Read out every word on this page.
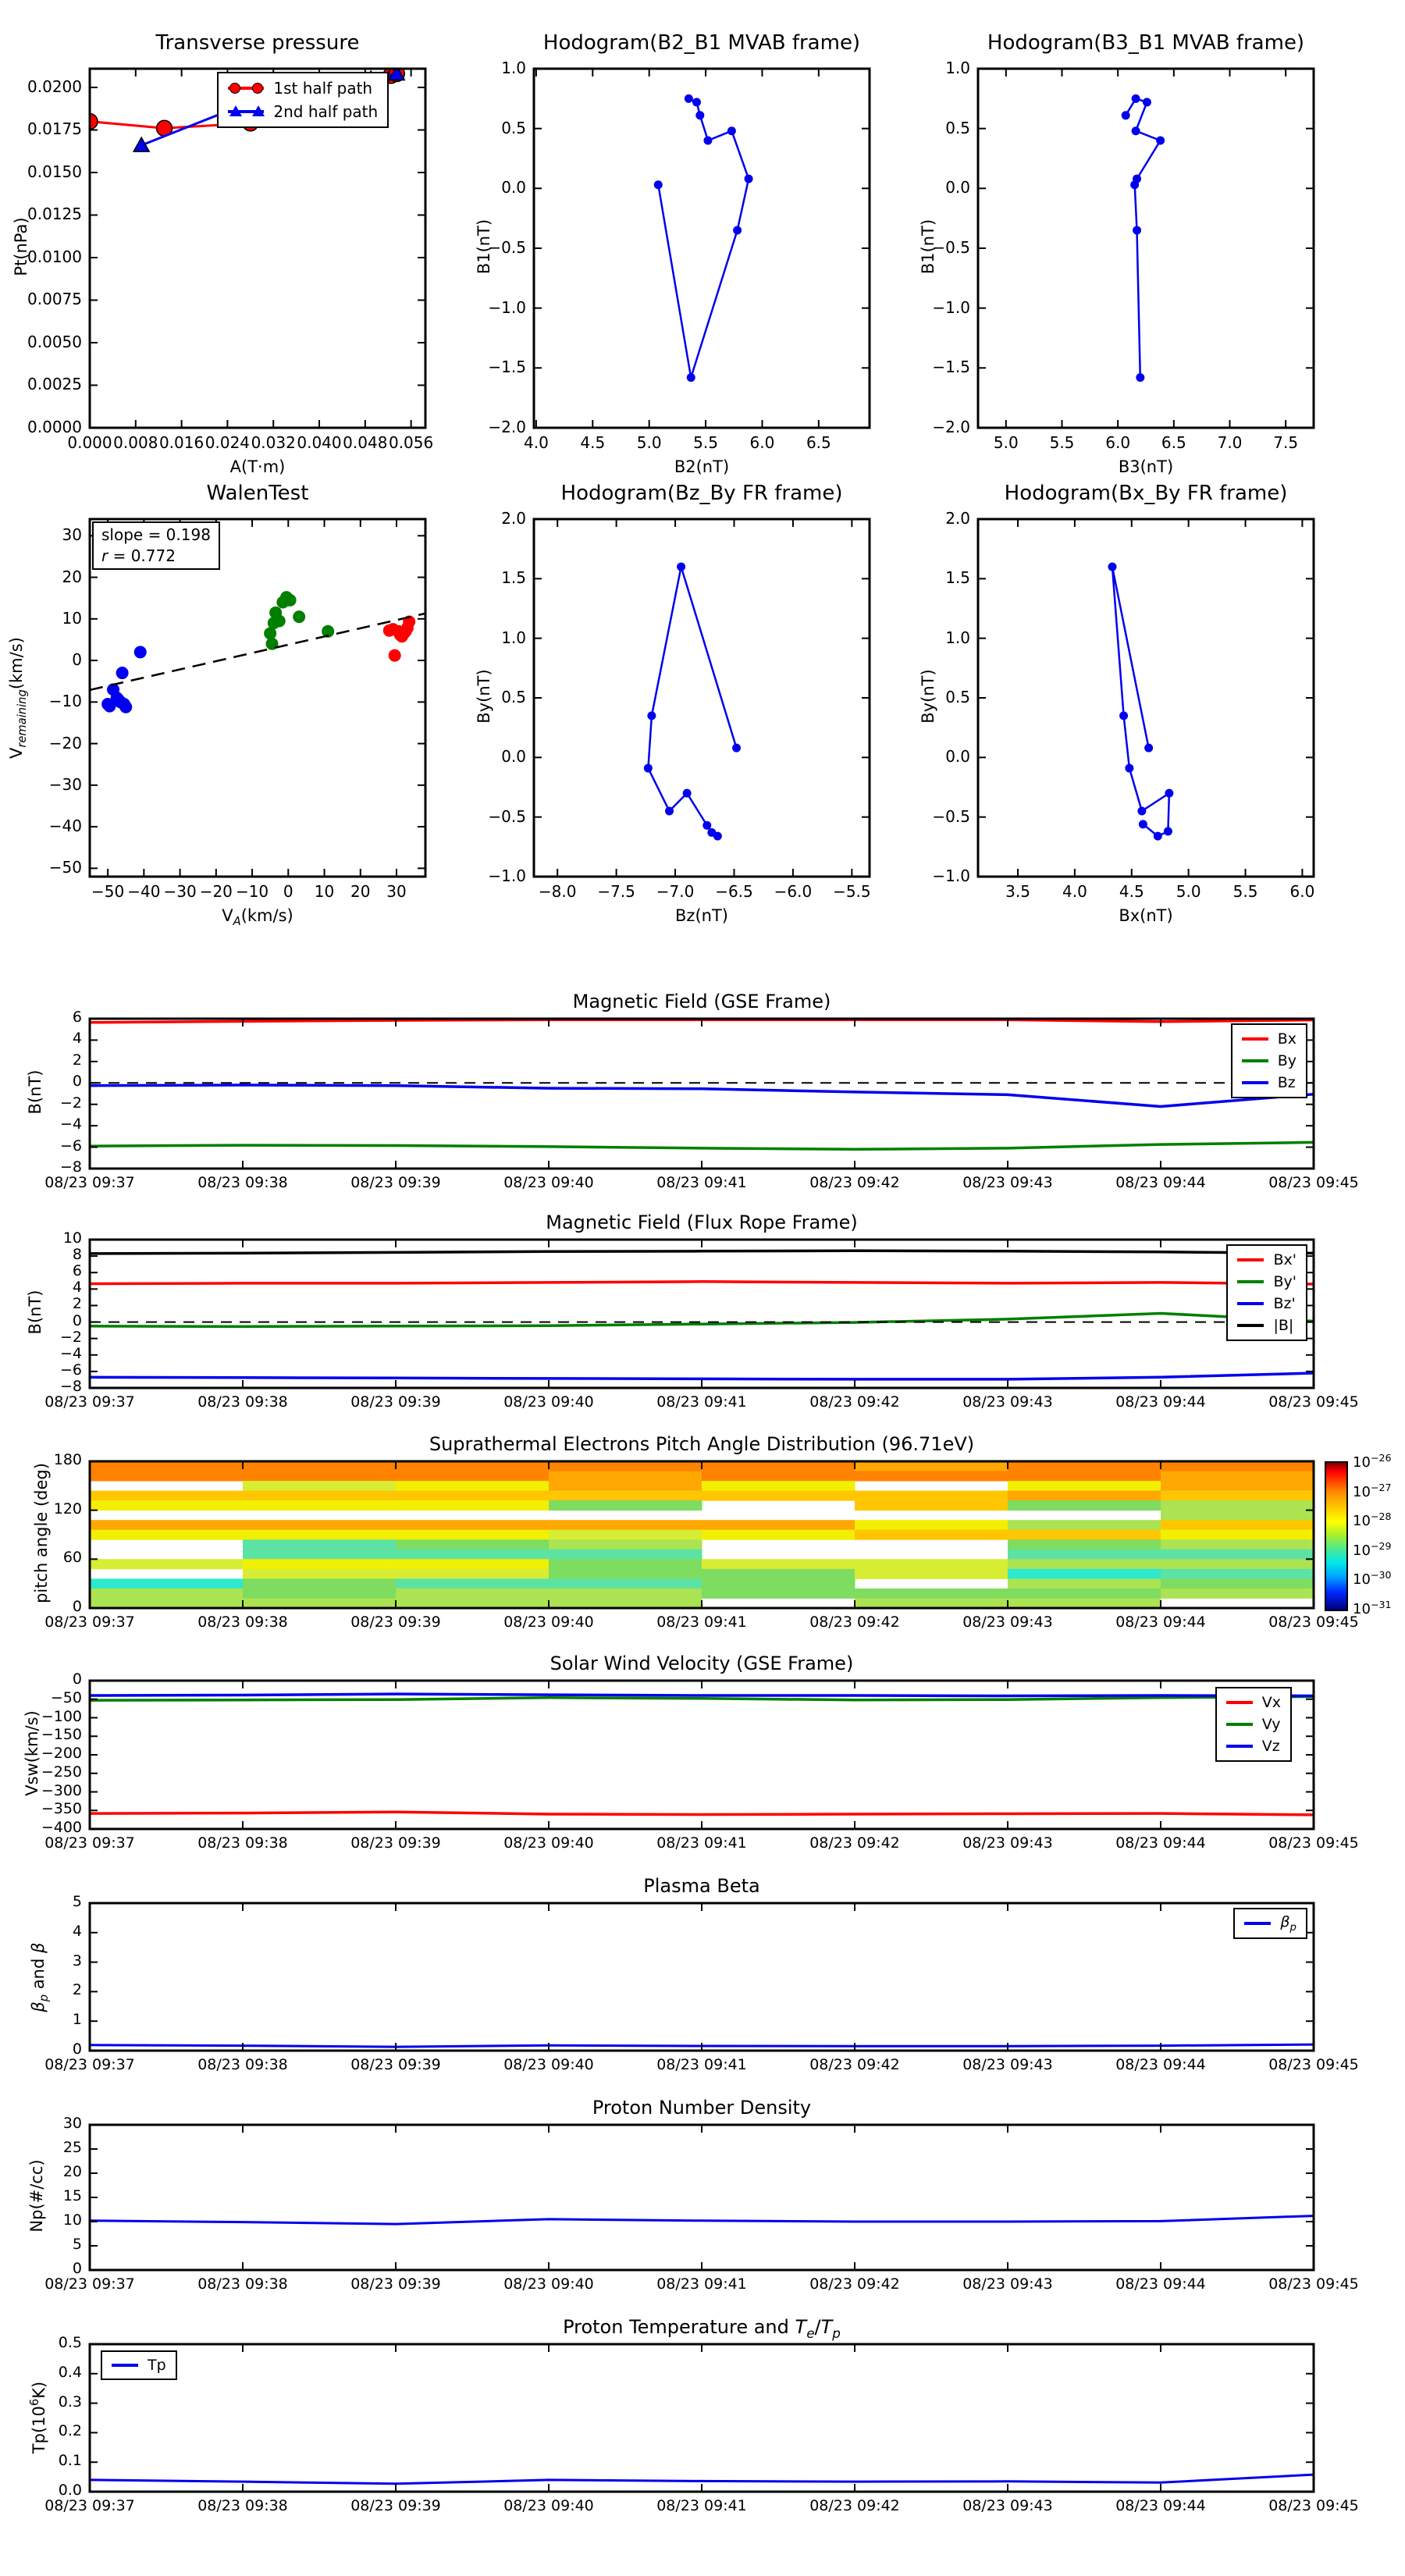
0.000 0.008 0.016 0.024 0.032 0.040 0.048 0.056
0.0000
0.0025
0.0050
0.0075
0.0100
0.0125
0.0150
0.0175
0.0200
Transverse pressure
A(T·m)
Pt(nPa)
1st half path
2nd half path
4.0	4.5	5.0	5.5	6.0	6.5
−2.0
−1.5
−1.0
−0.5
0.0
0.5
1.0
Hodogram(B2_B1 MVAB frame)
B2(nT)
B1(nT)
5.0	5.5	6.0	6.5	7.0	7.5
−2.0
−1.5
−1.0
−0.5
0.0
0.5
1.0
Hodogram(B3_B1 MVAB frame)
B3(nT)
B1(nT)
slope = 0.198
r = 0.772
−50 −40 −30 −20 −10 0	10	20	30
−50
−40
−30
−20
−10
0
10
20
30
WalenTest
$V_A(km/s)$
$V_{remaining}(km/s)$
−8.0	−7.5	−7.0	−6.5	−6.0	−5.5
−1.0
−0.5
0.0
0.5
1.0
1.5
2.0
Hodogram(Bz_By FR frame)
Bz(nT)
By(nT)
3.5	4.0	4.5	5.0	5.5	6.0
−1.0
−0.5
0.0
0.5
1.0
1.5
2.0
Hodogram(Bx_By FR frame)
Bx(nT)
By(nT)
08/23 09:37	08/23 09:38	08/23 09:39	08/23 09:40	08/23 09:41	08/23 09:42	08/23 09:43	08/23 09:44	08/23 09:45
−8
−6
−4
−2
0
2
4
6
Magnetic Field (GSE Frame)
B(nT)
Bx
By
Bz
08/23 09:37	08/23 09:38	08/23 09:39	08/23 09:40	08/23 09:41	08/23 09:42	08/23 09:43	08/23 09:44	08/23 09:45
−8
−6
−4
−2
0
2
4
6
8
10
Magnetic Field (Flux Rope Frame)
B(nT)
Bx'
By'
Bz'
|B|
08/23 09:37	08/23 09:38	08/23 09:39	08/23 09:40	08/23 09:41	08/23 09:42	08/23 09:43	08/23 09:44	08/23 09:45
0
60
120
180
Suprathermal Electrons Pitch Angle Distribution (96.71eV)
pitch angle (deg)
$10^{-26}$
$10^{-27}$
$10^{-28}$
$10^{-29}$
$10^{-30}$
$10^{-31}$
08/23 09:37	08/23 09:38	08/23 09:39	08/23 09:40	08/23 09:41	08/23 09:42	08/23 09:43	08/23 09:44	08/23 09:45
−400
−350
−300
−250
−200
−150
−100
−50
0
Solar Wind Velocity (GSE Frame)
Vsw(km/s)
Vx
Vy
Vz
08/23 09:37	08/23 09:38	08/23 09:39	08/23 09:40	08/23 09:41	08/23 09:42	08/23 09:43	08/23 09:44	08/23 09:45
0
1
2
3
4
5
Plasma Beta
$\beta_p$ and β
$\beta_p$
08/23 09:37	08/23 09:38	08/23 09:39	08/23 09:40	08/23 09:41	08/23 09:42	08/23 09:43	08/23 09:44	08/23 09:45
0
5
10
15
20
25
30
Proton Number Density
Np(#/cc)
08/23 09:37	08/23 09:38	08/23 09:39	08/23 09:40	08/23 09:41	08/23 09:42	08/23 09:43	08/23 09:44	08/23 09:45
0.0
0.1
0.2
0.3
0.4
0.5
Proton Temperature and $T_e/T_p$
$Tp(10^6K)$
Tp
